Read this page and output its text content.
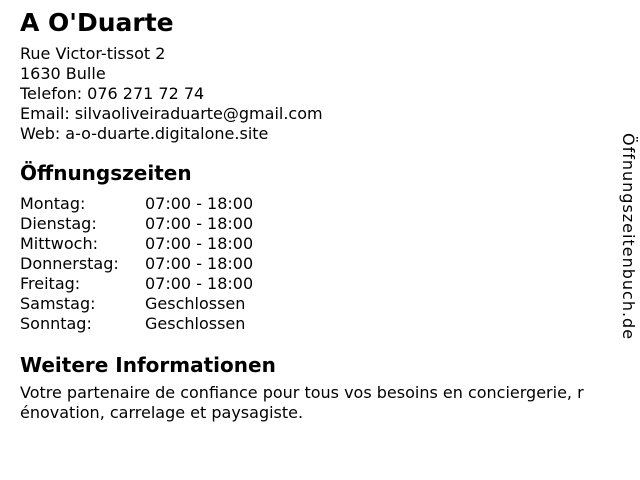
A O'Duarte
Rue Victor-tissot 2
1630 Bulle
Telefon: 076 271 72 74
Email: silvaoliveiraduarte@gmail.com
Web: a-o-duarte.digitalone.site
Öffnungszeiten
Montag:	07:00 - 18:00
Dienstag:	07:00 - 18:00
Mittwoch:	07:00 - 18:00
Donnerstag: 07:00 - 18:00
Freitag:	07:00 - 18:00
Samstag:	Geschlossen
Sonntag:	Geschlossen
Weitere Informationen
Votre partenaire de confiance pour tous vos besoins en conciergerie, r
énovation, carrelage et paysagiste.
Öffnungszeitenbuch.de
